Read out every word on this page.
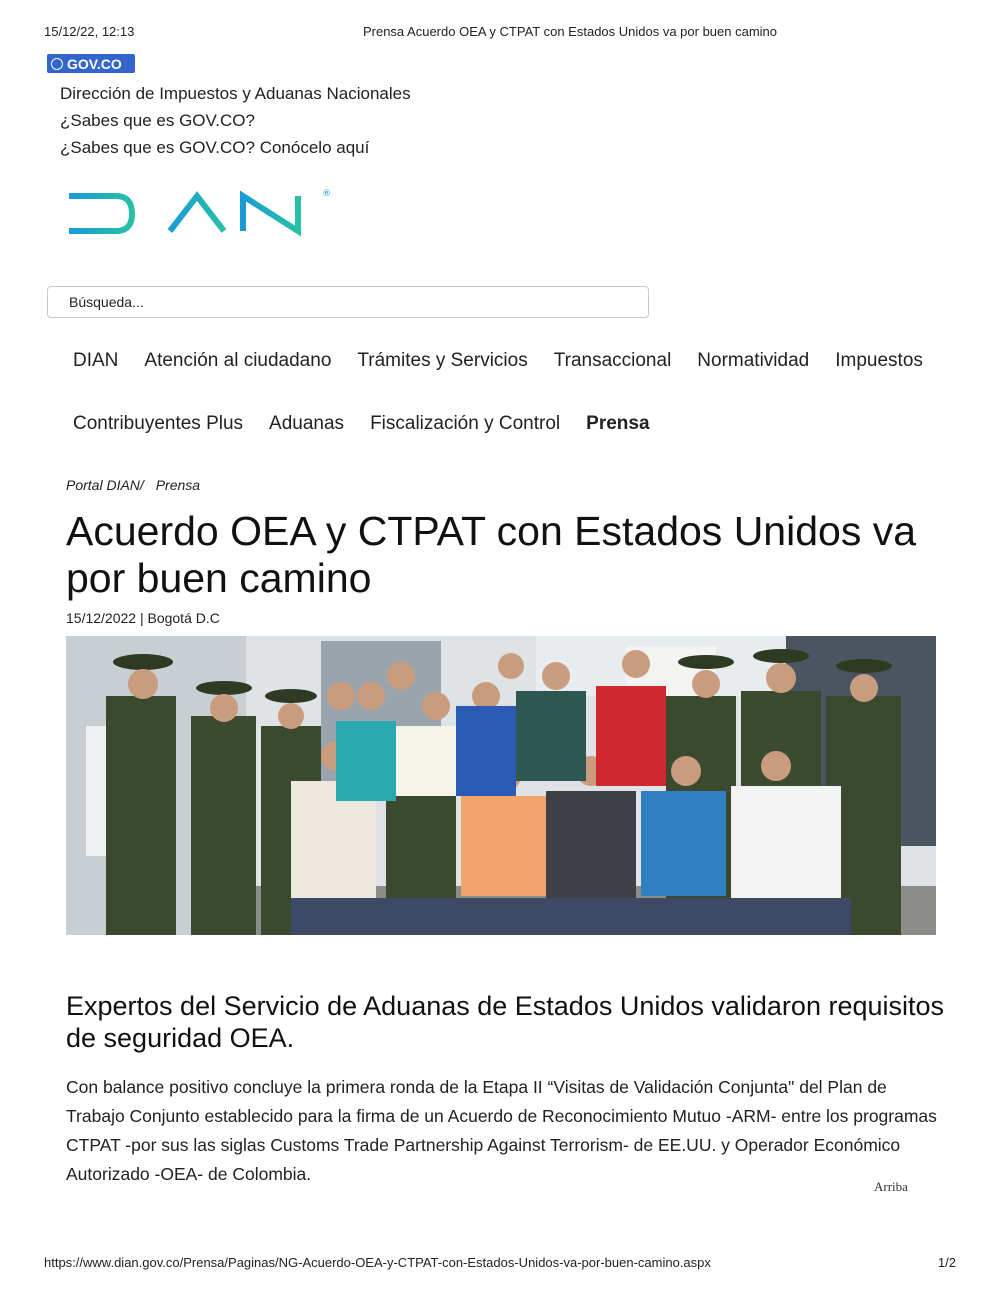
15/12/22, 12:13	Prensa Acuerdo OEA y CTPAT con Estados Unidos va por buen camino
GOV.CO
Dirección de Impuestos y Aduanas Nacionales
¿Sabes que es GOV.CO?
¿Sabes que es GOV.CO? Conócelo aquí
®
Búsqueda...
DIAN Atención al ciudadano Trámites y Servicios Transaccional Normatividad Impuestos
Contribuyentes Plus Aduanas Fiscalización y Control Prensa
Portal DIAN/ Prensa
Acuerdo OEA y CTPAT con Estados Unidos va por buen camino
15/12/2022 | Bogotá D.C
Expertos del Servicio de Aduanas de Estados Unidos validaron requisitos de seguridad OEA.

Con balance positivo concluye la primera ronda de la Etapa II “Visitas de Validación Conjunta" del Plan de Trabajo Conjunto establecido para la firma de un Acuerdo de Reconocimiento Mutuo -ARM- entre los programas CTPAT -por sus las siglas Customs Trade Partnership Against Terrorism- de EE.UU. y Operador Económico Autorizado -OEA- de Colombia.

Arriba
https://www.dian.gov.co/Prensa/Paginas/NG-Acuerdo-OEA-y-CTPAT-con-Estados-Unidos-va-por-buen-camino.aspx	1/2
